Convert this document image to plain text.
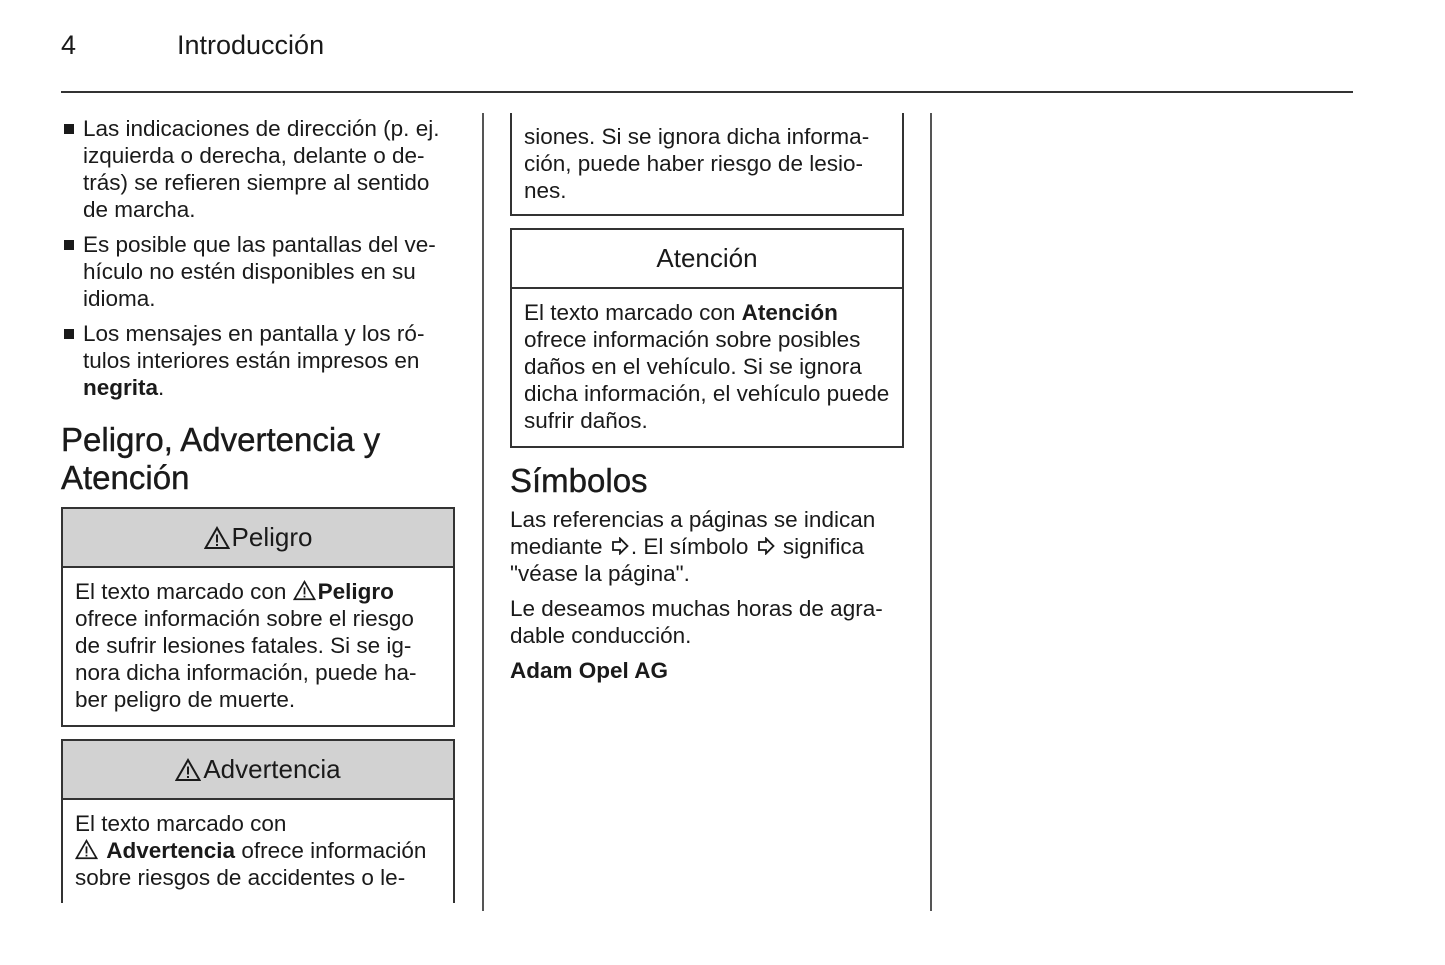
4	Introducción
Las indicaciones de dirección (p. ej. izquierda o derecha, delante o detrás) se refieren siempre al sentido de marcha.
Es posible que las pantallas del vehículo no estén disponibles en su idioma.
Los mensajes en pantalla y los rótulos interiores están impresos en negrita.
Peligro, Advertencia y Atención
Peligro
El texto marcado con Peligro ofrece información sobre el riesgo de sufrir lesiones fatales. Si se ignora dicha información, puede haber peligro de muerte.
Advertencia
El texto marcado con
Advertencia ofrece información sobre riesgos de accidentes o le-
siones. Si se ignora dicha información, puede haber riesgo de lesiones.
Atención
El texto marcado con Atención ofrece información sobre posibles daños en el vehículo. Si se ignora dicha información, el vehículo puede sufrir daños.
Símbolos

Las referencias a páginas se indican mediante . El símbolo  significa "véase la página".

Le deseamos muchas horas de agradable conducción.

Adam Opel AG
